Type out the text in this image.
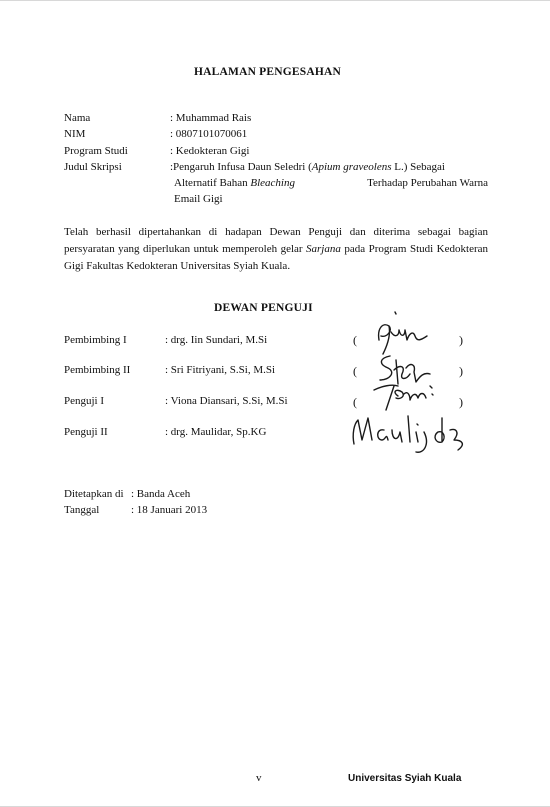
HALAMAN PENGESAHAN
Nama	: Muhammad Rais
NIM	: 0807101070061
Program Studi	: Kedokteran Gigi
Judul Skripsi	:Pengaruh Infusa Daun Seledri (Apium graveolens L.) Sebagai
Alternatif Bahan Bleaching	Terhadap Perubahan Warna
Email Gigi
Telah berhasil dipertahankan di hadapan Dewan Penguji dan diterima sebagai bagian persyaratan yang diperlukan untuk memperoleh gelar Sarjana pada Program Studi Kedokteran Gigi Fakultas Kedokteran Universitas Syiah Kuala.
DEWAN PENGUJI
Pembimbing I	: drg. Iin Sundari, M.Si	(	)
Pembimbing II	: Sri Fitriyani, S.Si, M.Si	(	)
Penguji I	: Viona Diansari, S.Si, M.Si	(	)
Penguji II	: drg. Maulidar, Sp.KG
Ditetapkan di : Banda Aceh
Tanggal	: 18 Januari 2013
v	Universitas Syiah Kuala
